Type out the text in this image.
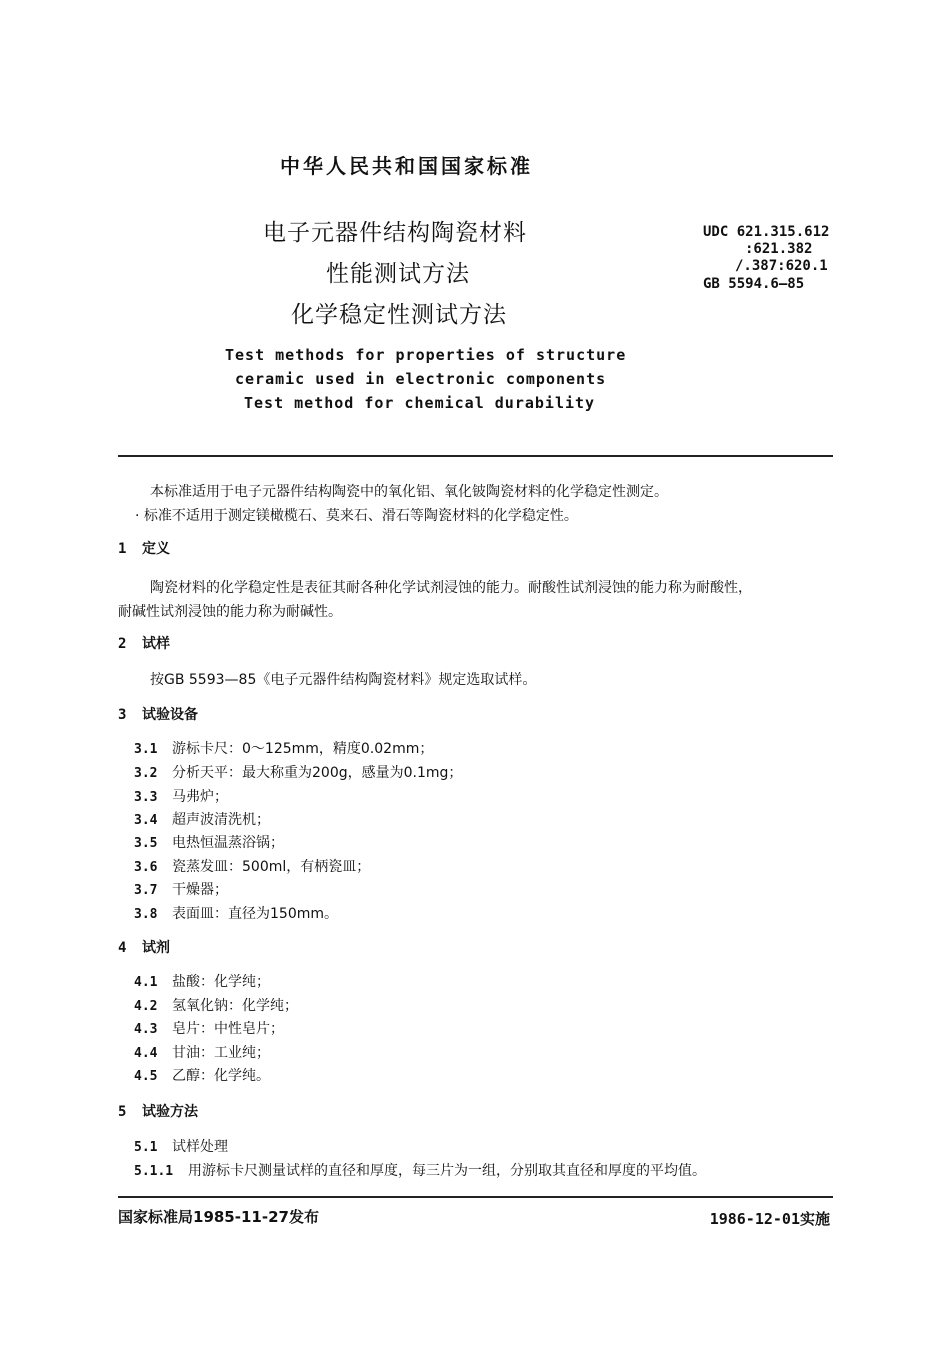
中华人民共和国国家标准
电子元器件结构陶瓷材料
性能测试方法
化学稳定性测试方法
UDC 621.315.612
:621.382
/.387:620.1
GB 5594.6—85
Test methods for properties of structure
ceramic used in electronic components
Test method for chemical durability
本标准适用于电子元器件结构陶瓷中的氧化铝、氧化铍陶瓷材料的化学稳定性测定。
· 标准不适用于测定镁橄榄石、莫来石、滑石等陶瓷材料的化学稳定性。
1 定义
陶瓷材料的化学稳定性是表征其耐各种化学试剂浸蚀的能力。耐酸性试剂浸蚀的能力称为耐酸性，
耐碱性试剂浸蚀的能力称为耐碱性。
2 试样
按GB 5593—85《电子元器件结构陶瓷材料》规定选取试样。
3 试验设备
3.1 游标卡尺：0～125mm，精度0.02mm；
3.2 分析天平：最大称重为200g，感量为0.1mg；
3.3 马弗炉；
3.4 超声波清洗机；
3.5 电热恒温蒸浴锅；
3.6 瓷蒸发皿：500ml，有柄瓷皿；
3.7 干燥器；
3.8 表面皿：直径为150mm。
4 试剂
4.1 盐酸：化学纯；
4.2 氢氧化钠：化学纯；
4.3 皂片：中性皂片；
4.4 甘油：工业纯；
4.5 乙醇：化学纯。
5 试验方法
5.1 试样处理
5.1.1 用游标卡尺测量试样的直径和厚度，每三片为一组，分别取其直径和厚度的平均值。
国家标准局1985-11-27发布	1986-12-01实施
